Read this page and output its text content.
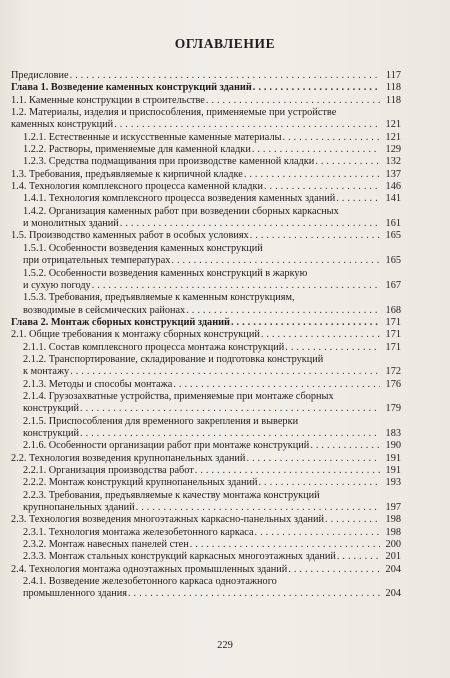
ОГЛАВЛЕНИЕ
Предисловие . . .	117
Глава 1. Возведение каменных конструкций зданий . . .	118
1.1. Каменные конструкции в строительстве . . .	118
1.2. Материалы, изделия и приспособления, применяемые при устройстве
каменных конструкций . . .	121
1.2.1. Естественные и искусственные каменные материалы . . .	121
1.2.2. Растворы, применяемые для каменной кладки . . .	129
1.2.3. Средства подмащивания при производстве каменной кладки . . .	132
1.3. Требования, предъявляемые к кирпичной кладке . . .	137
1.4. Технология комплексного процесса каменной кладки . . .	146
1.4.1. Технология комплексного процесса возведения каменных зданий . . .	141
1.4.2. Организация каменных работ при возведении сборных каркасных
и монолитных зданий . . .	161
1.5. Производство каменных работ в особых условиях . . .	165
1.5.1. Особенности возведения каменных конструкций
при отрицательных температурах . . .	165
1.5.2. Особенности возведения каменных конструкций в жаркую
и сухую погоду . . .	167
1.5.3. Требования, предъявляемые к каменным конструкциям,
возводимые в сейсмических районах . . .	168
Глава 2. Монтаж сборных конструкций зданий . . .	171
2.1. Общие требования к монтажу сборных конструкций . . .	171
2.1.1. Состав комплексного процесса монтажа конструкций . . .	171
2.1.2. Транспортирование, складирование и подготовка конструкций
к монтажу . . .	172
2.1.3. Методы и способы монтажа . . .	176
2.1.4. Грузозахватные устройства, применяемые при монтаже сборных
конструкций . . .	179
2.1.5. Приспособления для временного закрепления и выверки
конструкций . . .	183
2.1.6. Особенности организации работ при монтаже конструкций . . .	190
2.2. Технология возведения крупнопанельных зданий . . .	191
2.2.1. Организация производства работ . . .	191
2.2.2. Монтаж конструкций крупнопанельных зданий . . .	193
2.2.3. Требования, предъявляемые к качеству монтажа конструкций
крупнопанельных зданий . . .	197
2.3. Технология возведения многоэтажных каркасно-панельных зданий . . .	198
2.3.1. Технология монтажа железобетонного каркаса . . .	198
2.3.2. Монтаж навесных панелей стен . . .	200
2.3.3. Монтаж стальных конструкций каркасных многоэтажных зданий . . .	201
2.4. Технология монтажа одноэтажных промышленных зданий . . .	204
2.4.1. Возведение железобетонного каркаса одноэтажного
промышленного здания . . .	204
229
